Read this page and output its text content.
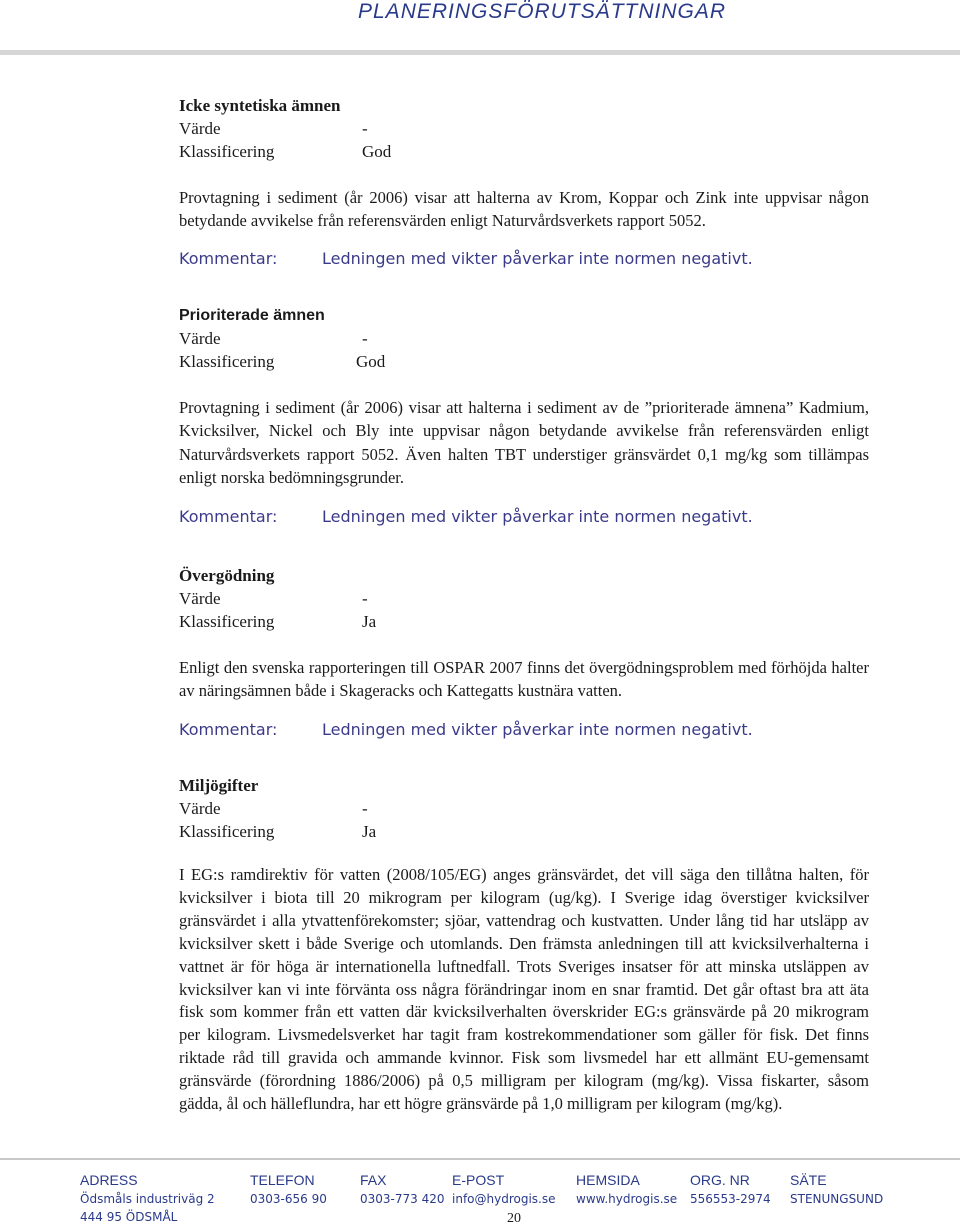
PLANERINGSFÖRUTSÄTTNINGAR
Icke syntetiska ämnen
Värde	-
Klassificering	God
Provtagning i sediment (år 2006) visar att halterna av Krom, Koppar och Zink inte uppvisar någon betydande avvikelse från referensvärden enligt Naturvårdsverkets rapport 5052.
Kommentar:	Ledningen med vikter påverkar inte normen negativt.
Prioriterade ämnen
Värde	-
Klassificering	God
Provtagning i sediment (år 2006) visar att halterna i sediment av de ”prioriterade ämnena” Kadmium, Kvicksilver, Nickel och Bly inte uppvisar någon betydande avvikelse från referensvärden enligt Naturvårdsverkets rapport 5052. Även halten TBT understiger gränsvärdet 0,1 mg/kg som tillämpas enligt norska bedömningsgrunder.
Kommentar:	Ledningen med vikter påverkar inte normen negativt.
Övergödning
Värde	-
Klassificering	Ja
Enligt den svenska rapporteringen till OSPAR 2007 finns det övergödningsproblem med förhöjda halter av näringsämnen både i Skageracks och Kattegatts kustnära vatten.
Kommentar:	Ledningen med vikter påverkar inte normen negativt.
Miljögifter
Värde	-
Klassificering	Ja
I EG:s ramdirektiv för vatten (2008/105/EG) anges gränsvärdet, det vill säga den tillåtna halten, för kvicksilver i biota till 20 mikrogram per kilogram (ug/kg). I Sverige idag överstiger kvicksilver gränsvärdet i alla ytvattenförekomster; sjöar, vattendrag och kustvatten. Under lång tid har utsläpp av kvicksilver skett i både Sverige och utomlands. Den främsta anledningen till att kvicksilverhalterna i vattnet är för höga är internationella luftnedfall. Trots Sveriges insatser för att minska utsläppen av kvicksilver kan vi inte förvänta oss några förändringar inom en snar framtid. Det går oftast bra att äta fisk som kommer från ett vatten där kvicksilverhalten överskrider EG:s gränsvärde på 20 mikrogram per kilogram. Livsmedelsverket har tagit fram kostrekommendationer som gäller för fisk. Det finns riktade råd till gravida och ammande kvinnor. Fisk som livsmedel har ett allmänt EU-gemensamt gränsvärde (förordning 1886/2006) på 0,5 milligram per kilogram (mg/kg). Vissa fiskarter, såsom gädda, ål och hälleflundra, har ett högre gränsvärde på 1,0 milligram per kilogram (mg/kg).
ADRESS
Ödsmåls industriväg 2
444 95 ÖDSMÅL
TELEFON
0303-656 90
FAX
0303-773 420
E-POST
info@hydrogis.se
HEMSIDA
www.hydrogis.se
ORG. NR
556553-2974
SÄTE
STENUNGSUND
20
